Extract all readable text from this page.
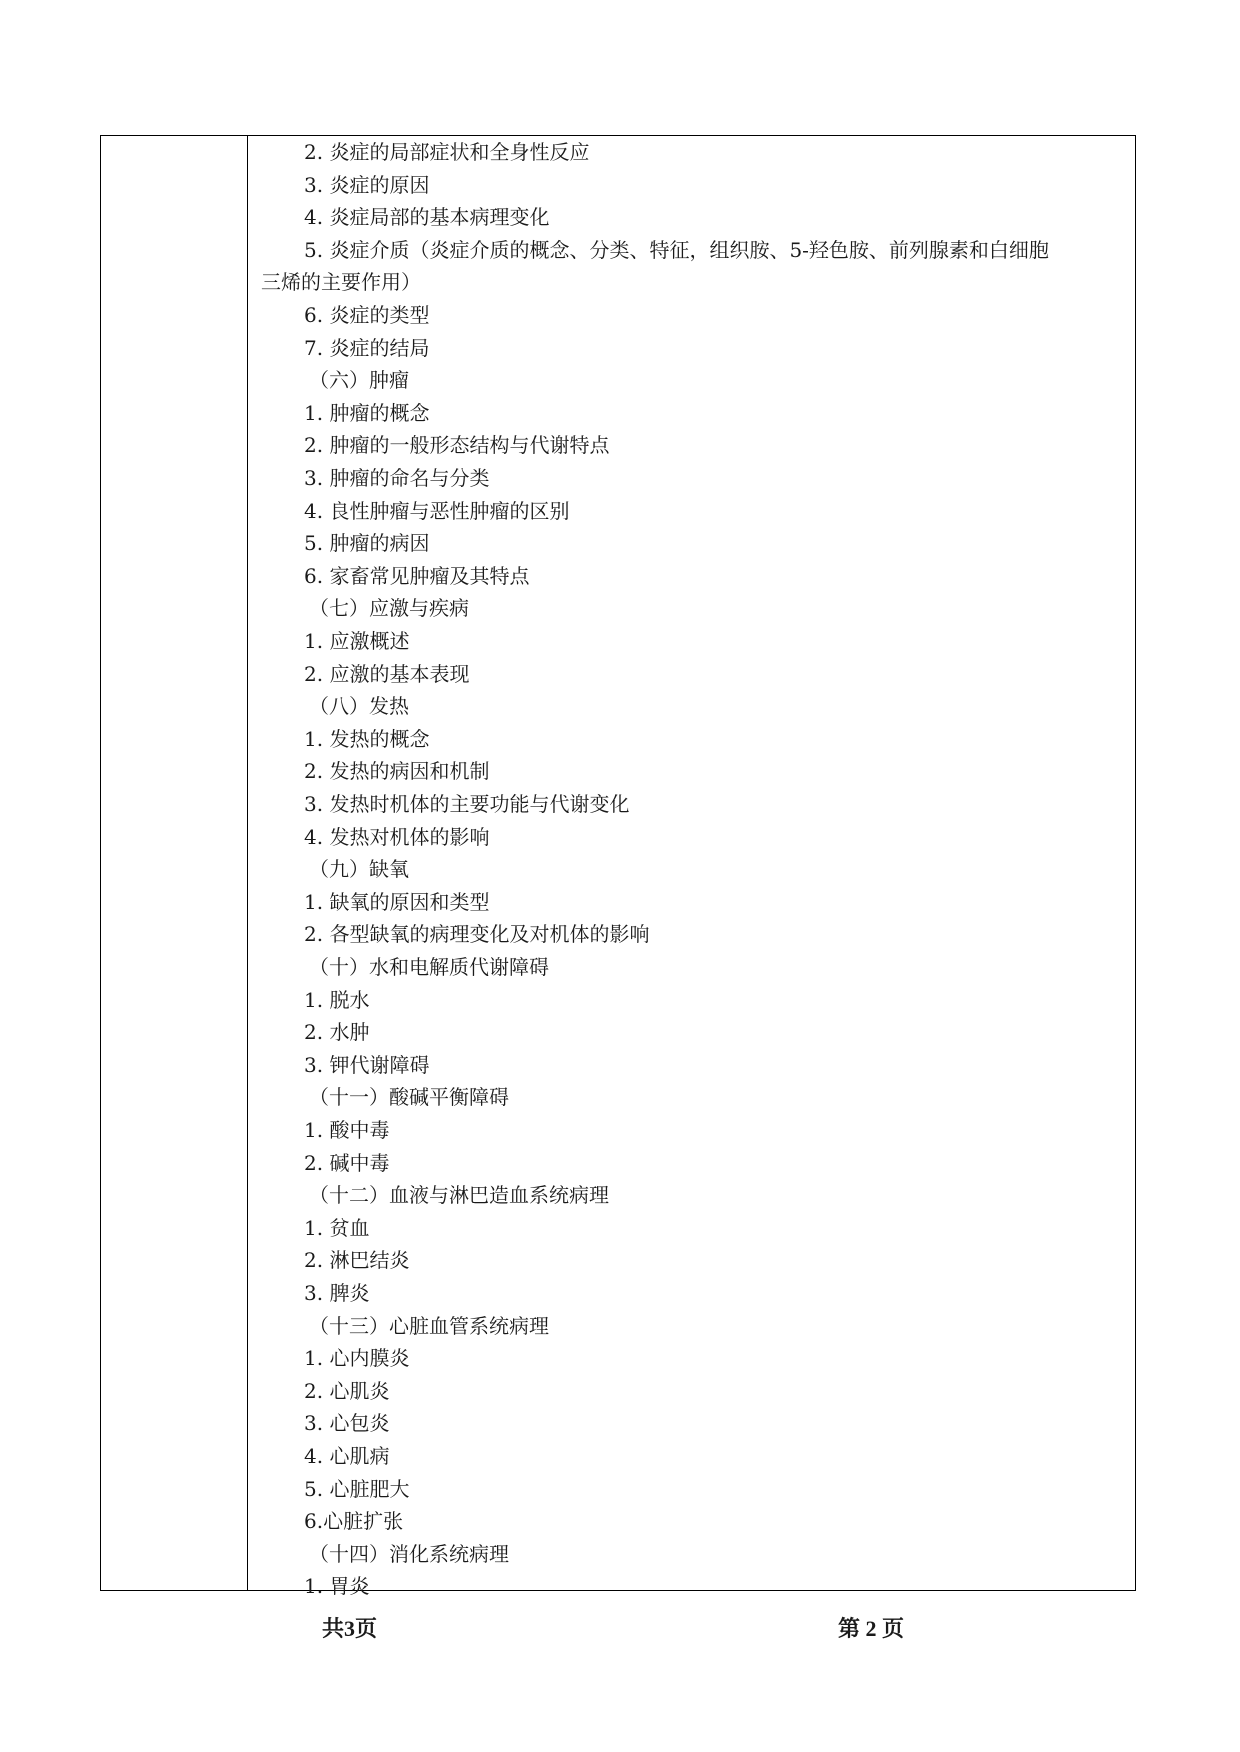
2. 炎症的局部症状和全身性反应
3. 炎症的原因
4. 炎症局部的基本病理变化
5. 炎症介质（炎症介质的概念、分类、特征，组织胺、5-羟色胺、前列腺素和白细胞
三烯的主要作用）
6. 炎症的类型
7. 炎症的结局
（六）肿瘤
1. 肿瘤的概念
2. 肿瘤的一般形态结构与代谢特点
3. 肿瘤的命名与分类
4. 良性肿瘤与恶性肿瘤的区别
5. 肿瘤的病因
6. 家畜常见肿瘤及其特点
（七）应激与疾病
1. 应激概述
2. 应激的基本表现
（八）发热
1. 发热的概念
2. 发热的病因和机制
3. 发热时机体的主要功能与代谢变化
4. 发热对机体的影响
（九）缺氧
1. 缺氧的原因和类型
2. 各型缺氧的病理变化及对机体的影响
（十）水和电解质代谢障碍
1. 脱水
2. 水肿
3. 钾代谢障碍
（十一）酸碱平衡障碍
1. 酸中毒
2. 碱中毒
（十二）血液与淋巴造血系统病理
1. 贫血
2. 淋巴结炎
3. 脾炎
（十三）心脏血管系统病理
1. 心内膜炎
2. 心肌炎
3. 心包炎
4. 心肌病
5. 心脏肥大
6.心脏扩张
（十四）消化系统病理
1. 胃炎
共3页	第 2 页
